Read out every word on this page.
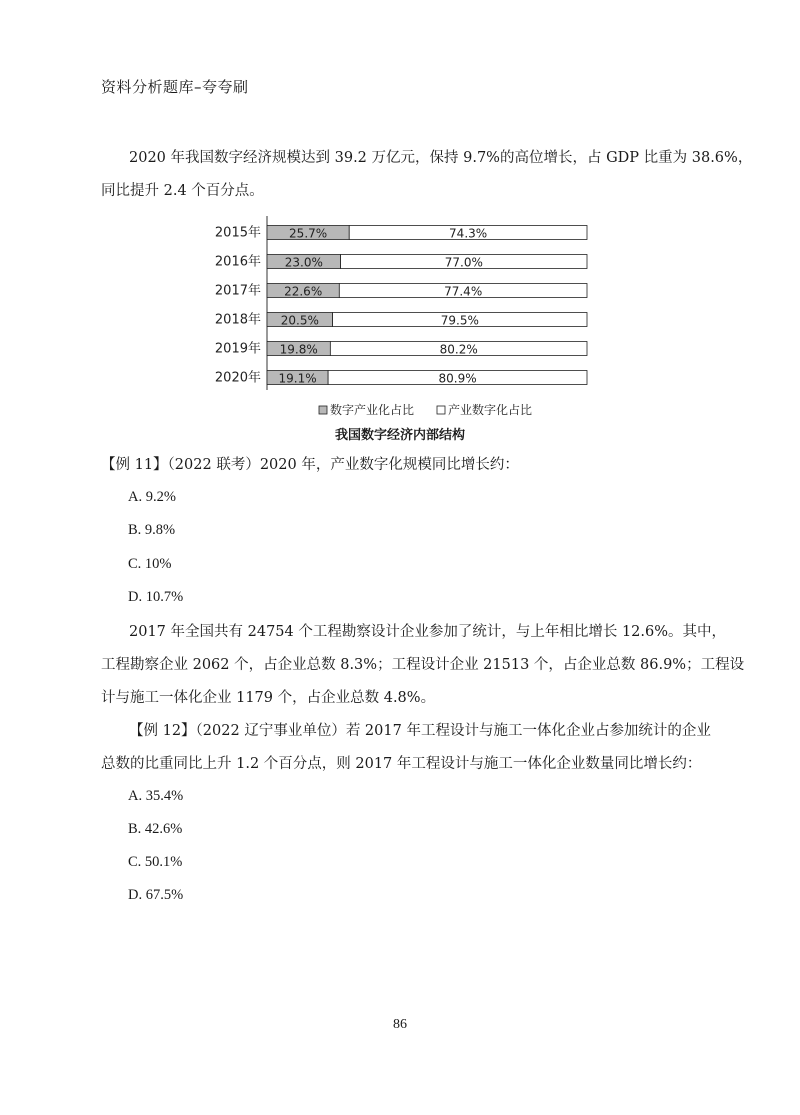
资料分析题库–夸夸刷
2020 年我国数字经济规模达到 39.2 万亿元，保持 9.7%的高位增长，占 GDP 比重为 38.6%，
同比提升 2.4 个百分点。
2015年 25.7%	74.3%
2016年 23.0%	77.0%
2017年 22.6%	77.4%
2018年 20.5%	79.5%
2019年 19.8%	80.2%
2020年 19.1%	80.9%
数字产业化占比	产业数字化占比
我国数字经济内部结构
【例 11】（2022 联考）2020 年，产业数字化规模同比增长约：
A. 9.2%
B. 9.8%
C. 10%
D. 10.7%
2017 年全国共有 24754 个工程勘察设计企业参加了统计，与上年相比增长 12.6%。其中，
工程勘察企业 2062 个，占企业总数 8.3%；工程设计企业 21513 个，占企业总数 86.9%；工程设
计与施工一体化企业 1179 个，占企业总数 4.8%。
【例 12】（2022 辽宁事业单位）若 2017 年工程设计与施工一体化企业占参加统计的企业
总数的比重同比上升 1.2 个百分点，则 2017 年工程设计与施工一体化企业数量同比增长约：
A. 35.4%
B. 42.6%
C. 50.1%
D. 67.5%
86
